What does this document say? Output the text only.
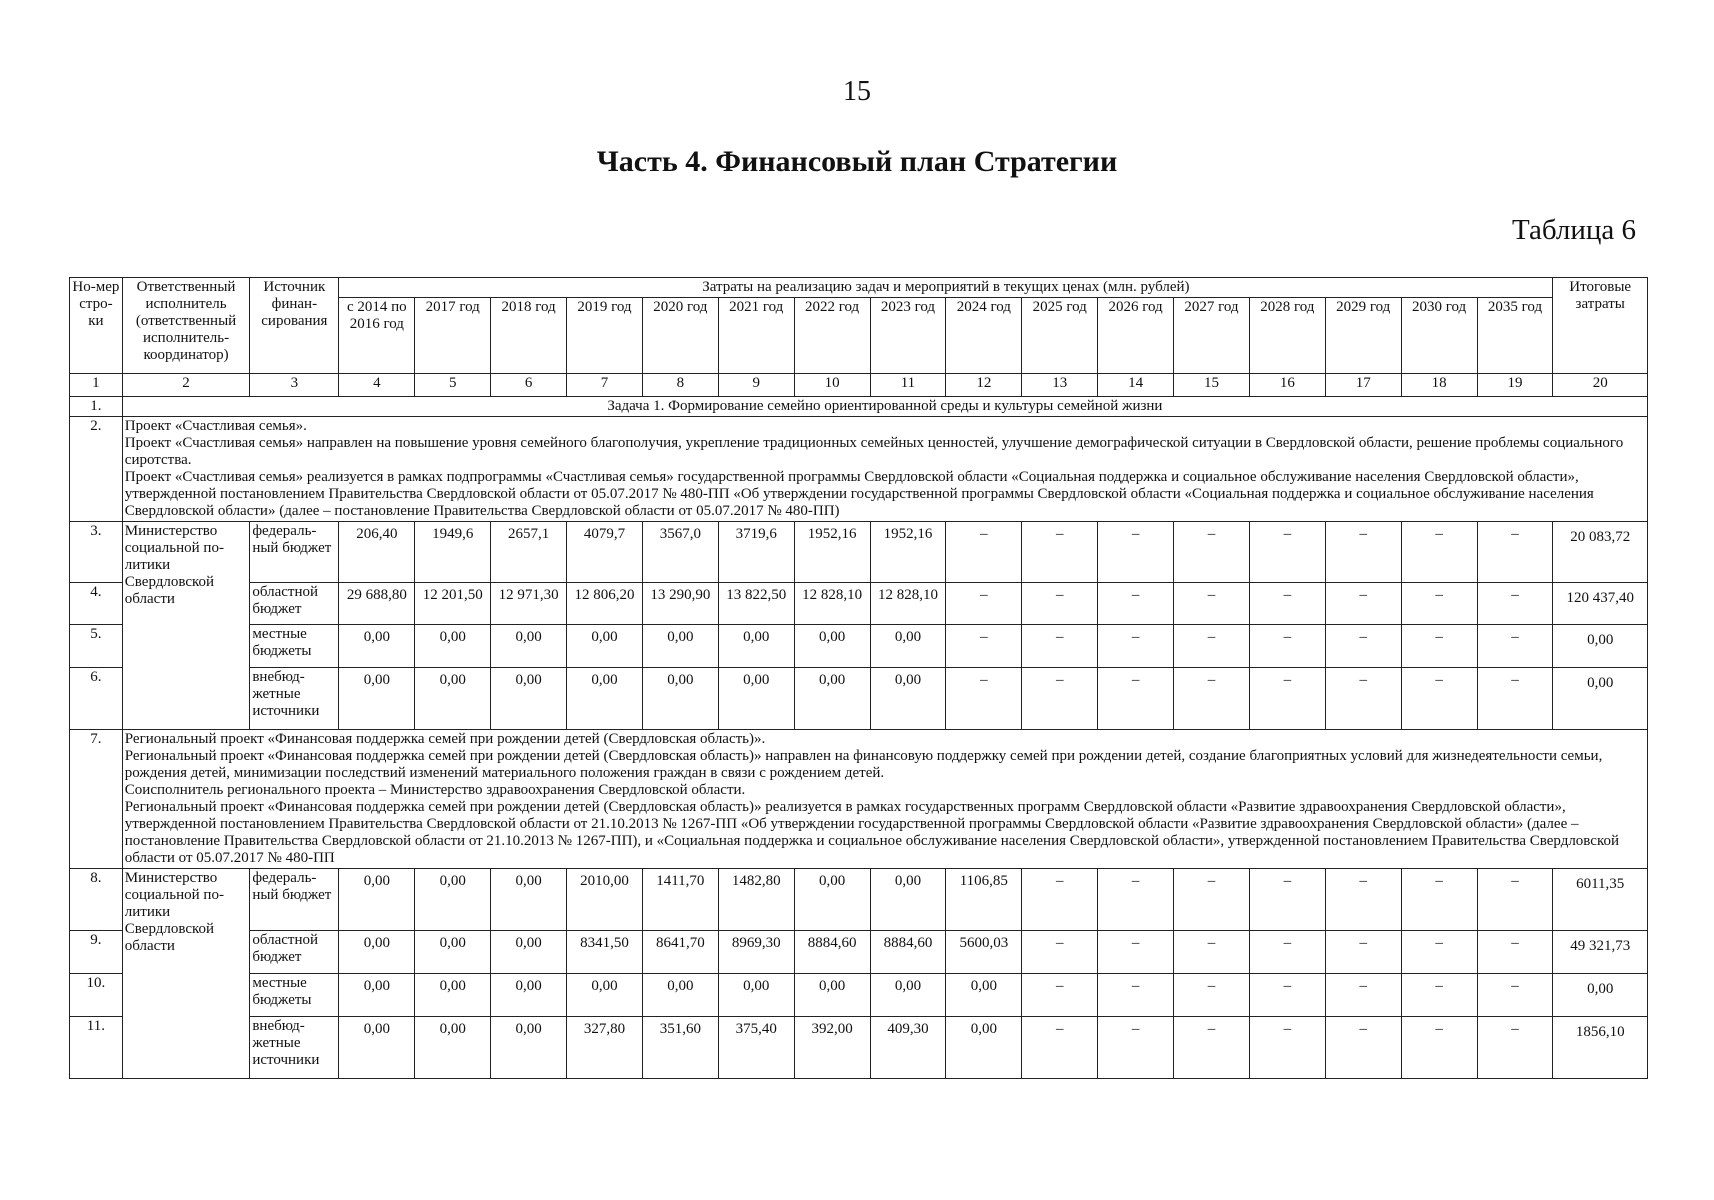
15
Часть 4. Финансовый план Стратегии
Таблица 6
Но-мер стро-ки	Ответственный исполнитель (ответственный исполнитель-координатор)	Источник финан-сирования	Затраты на реализацию задач и мероприятий в текущих ценах (млн. рублей)																Итоговые затраты
			с 2014 по 2016 год	2017 год	2018 год	2019 год	2020 год	2021 год	2022 год	2023 год	2024 год	2025 год	2026 год	2027 год	2028 год	2029 год	2030 год	2035 год	
1	2	3	4	5	6	7	8	9	10	11	12	13	14	15	16	17	18	19	20
1.	Задача 1. Формирование семейно ориентированной среды и культуры семейной жизни																		
2.	Проект «Счастливая семья».
Проект «Счастливая семья» направлен на повышение уровня семейного благополучия, укрепление традиционных семейных ценностей, улучшение демографической ситуации в Свердловской области, решение проблемы социального сиротства.
Проект «Счастливая семья» реализуется в рамках подпрограммы «Счастливая семья» государственной программы Свердловской области «Социальная поддержка и социальное обслуживание населения Свердловской области», утвержденной постановлением Правительства Свердловской области от 05.07.2017 № 480-ПП «Об утверждении государственной программы Свердловской области «Социальная поддержка и социальное обслуживание населения Свердловской области» (далее – постановление Правительства Свердловской области от 05.07.2017 № 480-ПП)																		

3.	Министерство социальной по-литики Свердловской области	федераль-ный бюджет	206,40	1949,6	2657,1	4079,7	3567,0	3719,6	1952,16	1952,16	–	–	–	–	–	–	–	–	20 083,72
4.		областной бюджет	29 688,80	12 201,50	12 971,30	12 806,20	13 290,90	13 822,50	12 828,10	12 828,10	–	–	–	–	–	–	–	–	120 437,40
5.		местные бюджеты	0,00	0,00	0,00	0,00	0,00	0,00	0,00	0,00	–	–	–	–	–	–	–	–	0,00
6.		внебюд-жетные источники	0,00	0,00	0,00	0,00	0,00	0,00	0,00	0,00	–	–	–	–	–	–	–	–	0,00
7.	Региональный проект «Финансовая поддержка семей при рождении детей (Свердловская область)».
Региональный проект «Финансовая поддержка семей при рождении детей (Свердловская область)» направлен на финансовую поддержку семей при рождении детей, создание благоприятных условий для жизнедеятельности семьи, рождения детей, минимизации последствий изменений материального положения граждан в связи с рождением детей.
Соисполнитель регионального проекта – Министерство здравоохранения Свердловской области.
Региональный проект «Финансовая поддержка семей при рождении детей (Свердловская область)» реализуется в рамках государственных программ Свердловской области «Развитие здравоохранения Свердловской области», утвержденной постановлением Правительства Свердловской области от 21.10.2013 № 1267-ПП «Об утверждении государственной программы Свердловской области «Развитие здравоохранения Свердловской области» (далее – постановление Правительства Свердловской области от 21.10.2013 № 1267-ПП), и «Социальная поддержка и социальное обслуживание населения Свердловской области», утвержденной постановлением Правительства Свердловской области от 05.07.2017 № 480-ПП																		

8.	Министерство социальной по-литики Свердловской области	федераль-ный бюджет	0,00	0,00	0,00	2010,00	1411,70	1482,80	0,00	0,00	1106,85	–	–	–	–	–	–	–	6011,35
9.		областной бюджет	0,00	0,00	0,00	8341,50	8641,70	8969,30	8884,60	8884,60	5600,03	–	–	–	–	–	–	–	49 321,73
10.		местные бюджеты	0,00	0,00	0,00	0,00	0,00	0,00	0,00	0,00	0,00	–	–	–	–	–	–	–	0,00
11.		внебюд-жетные источники	0,00	0,00	0,00	327,80	351,60	375,40	392,00	409,30	0,00	–	–	–	–	–	–	–	1856,10
